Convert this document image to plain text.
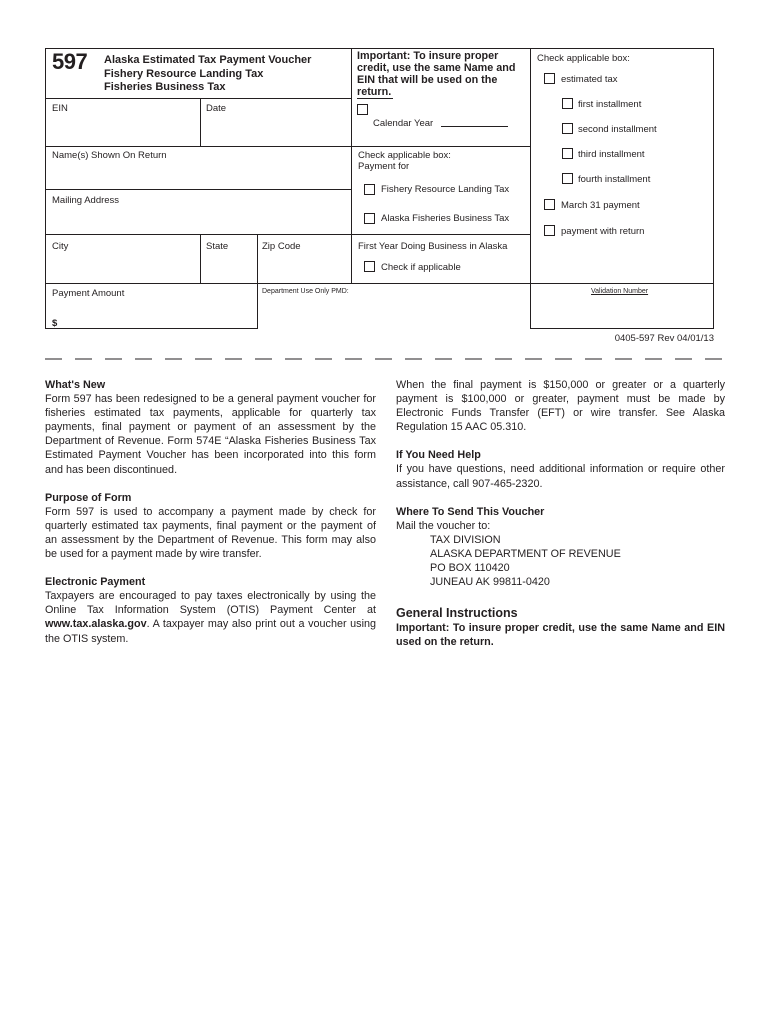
597 Alaska Estimated Tax Payment Voucher
Fishery Resource Landing Tax
Fisheries Business Tax
Important: To insure proper credit, use the same Name and EIN that will be used on the return.
EIN	Date
Calendar Year
Name(s) Shown On Return
Mailing Address
Check applicable box:
Payment for
Fishery Resource Landing Tax
Alaska Fisheries Business Tax
City	State	Zip Code	First Year Doing Business in Alaska
Check if applicable
Payment Amount
$
Department Use Only PMD:	Validation Number
Check applicable box:
estimated tax
first installment
second installment
third installment
fourth installment
March 31 payment
payment with return
0405-597 Rev 04/01/13
What's New

Form 597 has been redesigned to be a general payment voucher for fisheries estimated tax payments, applicable for quarterly tax payments, final payment or payment of an assessment by the Department of Revenue. Form 574E “Alaska Fisheries Business Tax Estimated Payment Voucher has been incorporated into this form and has been discontinued.

Purpose of Form

Form 597 is used to accompany a payment made by check for quarterly estimated tax payments, final payment or the payment of an assessment by the Department of Revenue. This form may also be used for a payment made by wire transfer.

Electronic Payment

Taxpayers are encouraged to pay taxes electronically by using the Online Tax Information System (OTIS) Payment Center at www.tax.alaska.gov. A taxpayer may also print out a voucher using the OTIS system.

When the final payment is $150,000 or greater or a quarterly payment is $100,000 or greater, payment must be made by Electronic Funds Transfer (EFT) or wire transfer. See Alaska Regulation 15 AAC 05.310.

If You Need Help

If you have questions, need additional information or require other assistance, call 907-465-2320.

Where To Send This Voucher

Mail the voucher to:

TAX DIVISION
ALASKA DEPARTMENT OF REVENUE
PO BOX 110420
JUNEAU AK 99811-0420
General Instructions

Important: To insure proper credit, use the same Name and EIN used on the return.
